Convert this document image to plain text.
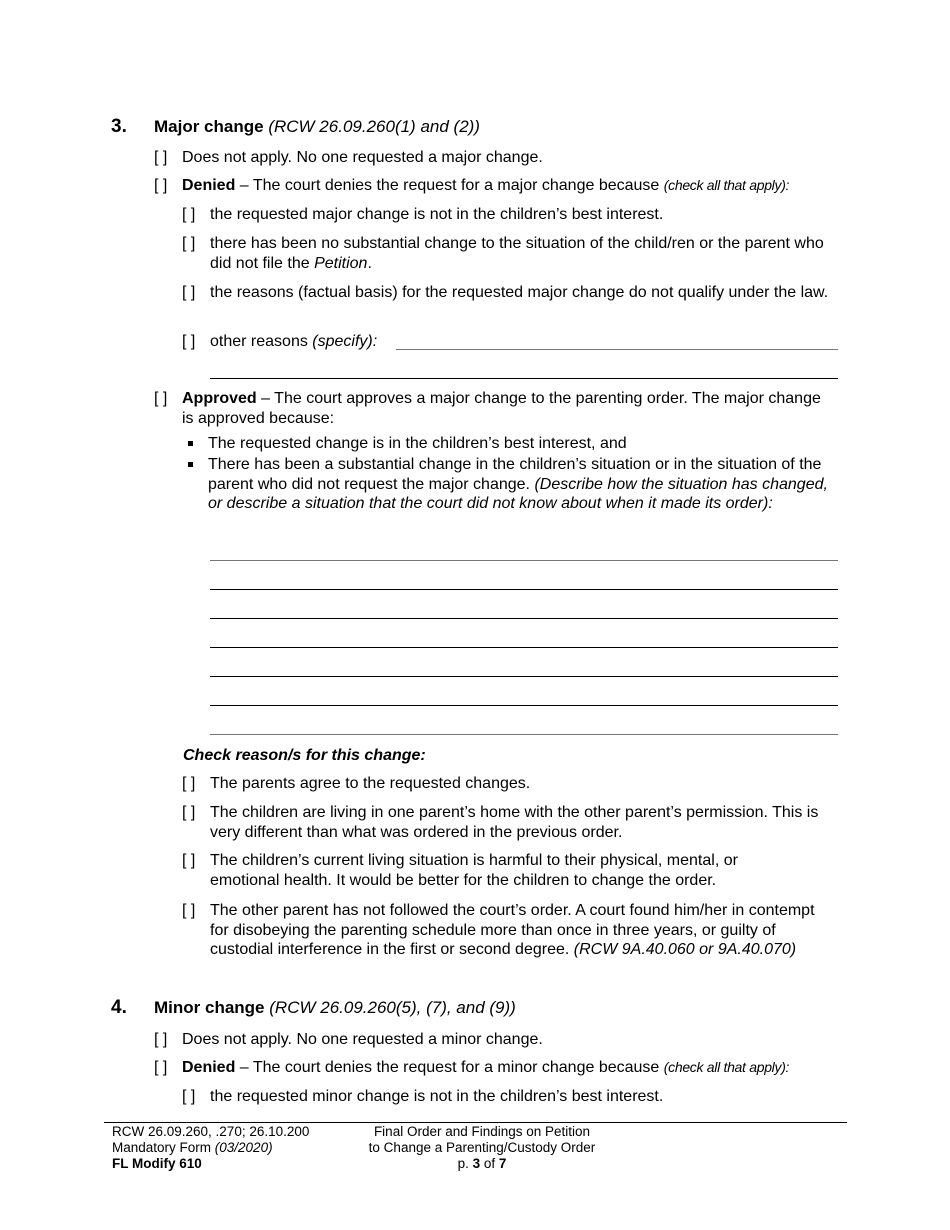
3. Major change (RCW 26.09.260(1) and (2))
[ ] Does not apply. No one requested a major change.
[ ] Denied – The court denies the request for a major change because (check all that apply):
[ ] the requested major change is not in the children’s best interest.
[ ] there has been no substantial change to the situation of the child/ren or the parent who did not file the Petition.
[ ] the reasons (factual basis) for the requested major change do not qualify under the law.
[ ] other reasons (specify):
[ ] Approved – The court approves a major change to the parenting order. The major change is approved because:
The requested change is in the children’s best interest, and
There has been a substantial change in the children’s situation or in the situation of the parent who did not request the major change. (Describe how the situation has changed, or describe a situation that the court did not know about when it made its order):
Check reason/s for this change:
[ ] The parents agree to the requested changes.
[ ] The children are living in one parent’s home with the other parent’s permission. This is very different than what was ordered in the previous order.
[ ] The children’s current living situation is harmful to their physical, mental, or emotional health. It would be better for the children to change the order.
[ ] The other parent has not followed the court’s order. A court found him/her in contempt for disobeying the parenting schedule more than once in three years, or guilty of custodial interference in the first or second degree. (RCW 9A.40.060 or 9A.40.070)
4. Minor change (RCW 26.09.260(5), (7), and (9))
[ ] Does not apply. No one requested a minor change.
[ ] Denied – The court denies the request for a minor change because (check all that apply):
[ ] the requested minor change is not in the children’s best interest.
RCW 26.09.260, .270; 26.10.200
Mandatory Form (03/2020)
FL Modify 610
Final Order and Findings on Petition
to Change a Parenting/Custody Order
p. 3 of 7
